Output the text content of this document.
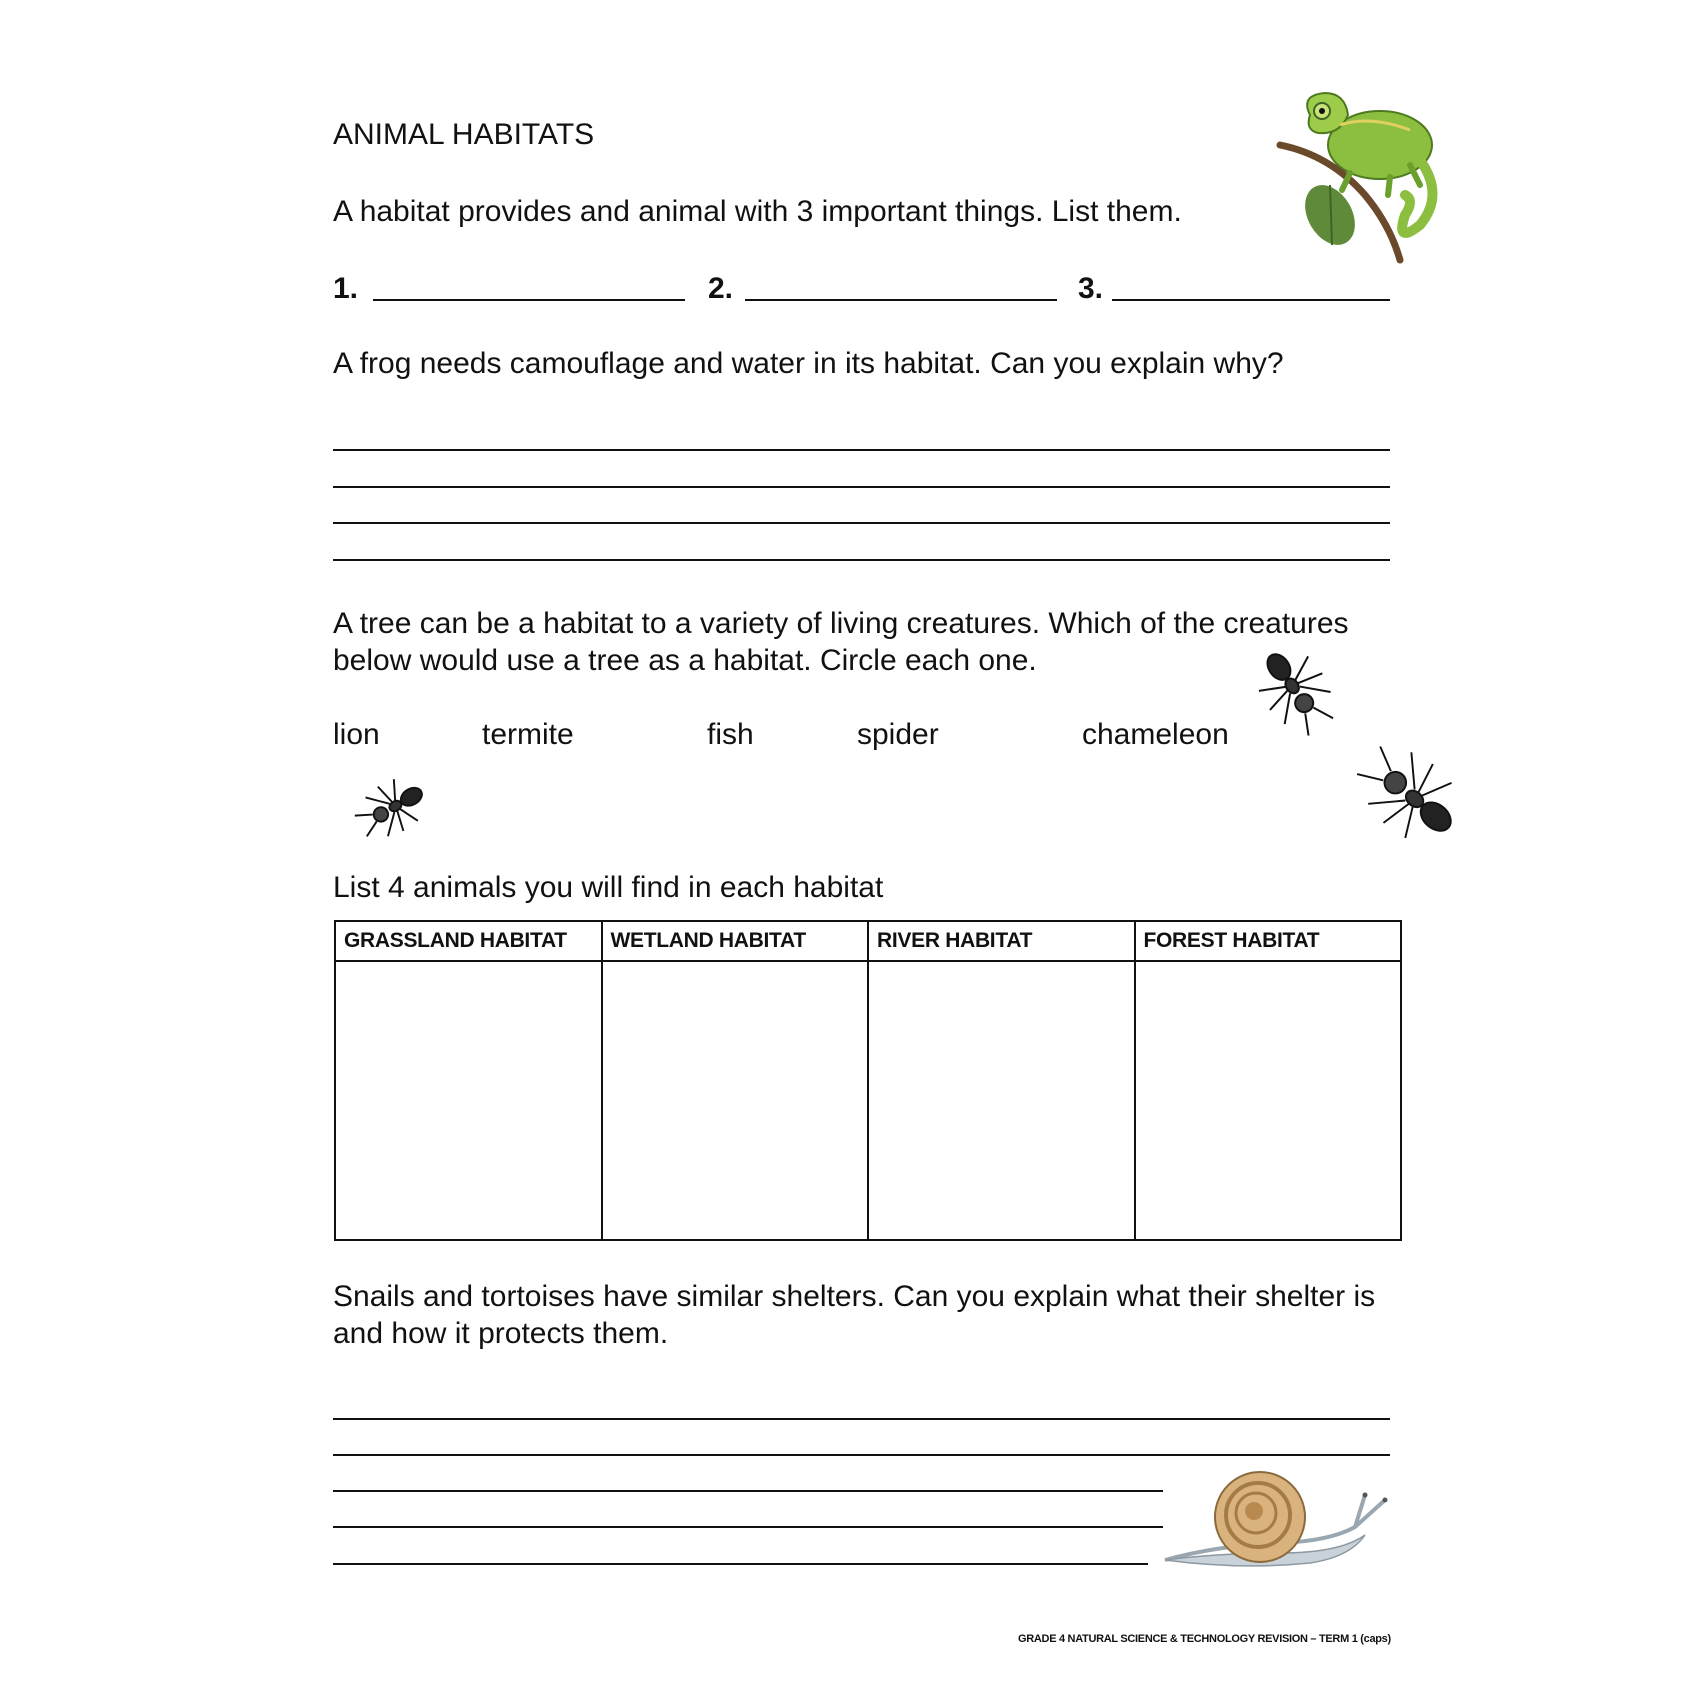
ANIMAL HABITATS
A habitat provides and animal with 3 important things. List them.
1.	2.	3.
A frog needs camouflage and water in its habitat. Can you explain why?
A tree can be a habitat to a variety of living creatures. Which of the creatures
below would use a tree as a habitat. Circle each one.
lion	termite	fish	spider	chameleon
List 4 animals you will find in each habitat
GRASSLAND HABITAT	WETLAND HABITAT	RIVER HABITAT	FOREST HABITAT

Snails and tortoises have similar shelters. Can you explain what their shelter is
and how it protects them.
GRADE 4 NATURAL SCIENCE & TECHNOLOGY REVISION – TERM 1 (caps)
